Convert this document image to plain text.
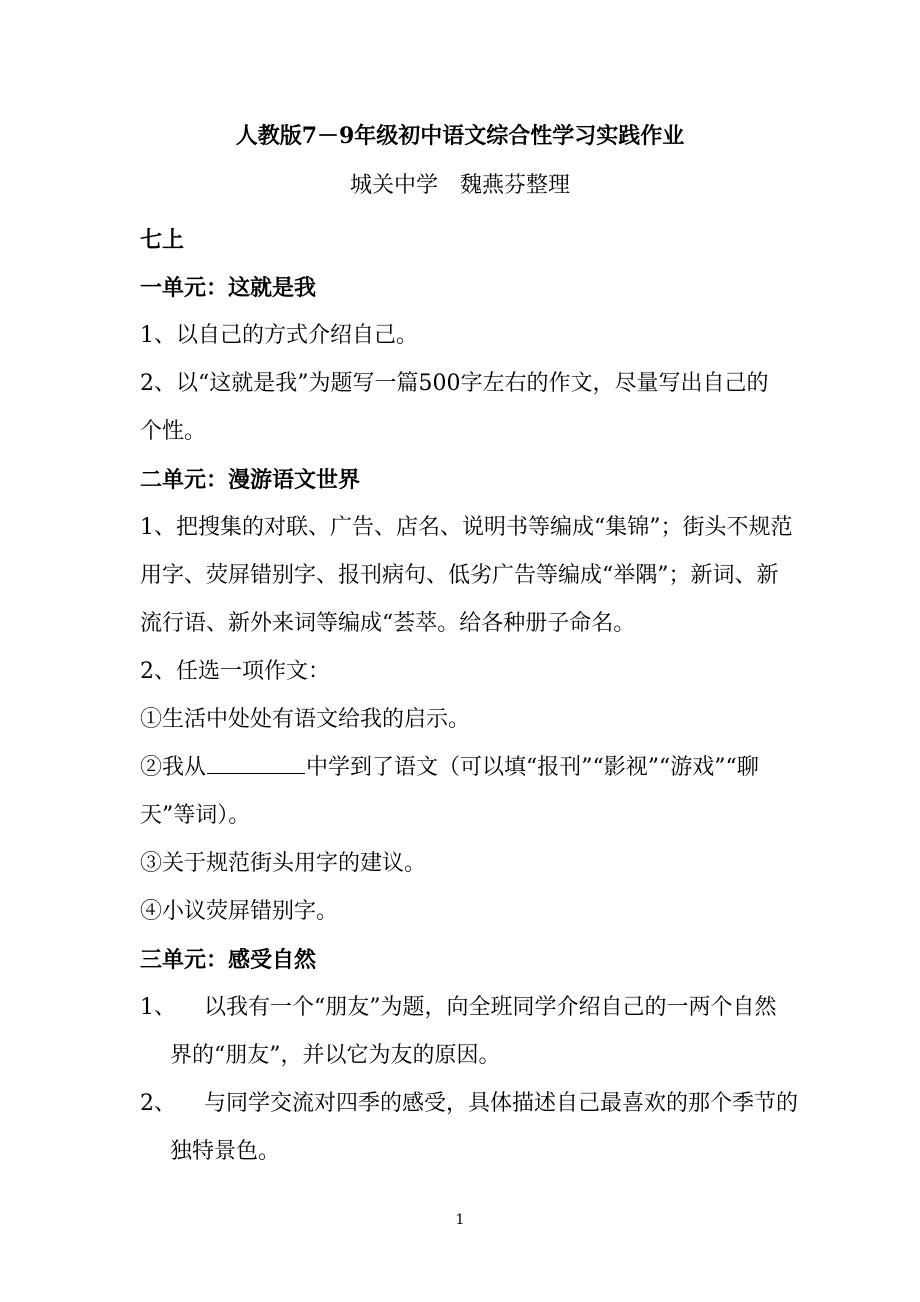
人教版7－9年级初中语文综合性学习实践作业
城关中学　魏燕芬整理
七上
一单元：这就是我
1、以自己的方式介绍自己。
2、以“这就是我”为题写一篇500字左右的作文，尽量写出自己的
个性。
二单元：漫游语文世界
1、把搜集的对联、广告、店名、说明书等编成“集锦”；街头不规范
用字、荧屏错别字、报刊病句、低劣广告等编成“举隅”；新词、新
流行语、新外来词等编成“荟萃。给各种册子命名。
2、任选一项作文：
①生活中处处有语文给我的启示。
②我从	中学到了语文（可以填“报刊”“影视”“游戏”“聊
天”等词）。
③关于规范街头用字的建议。
④小议荧屏错别字。
三单元：感受自然
1、 以我有一个“朋友”为题，向全班同学介绍自己的一两个自然
界的“朋友”，并以它为友的原因。
2、 与同学交流对四季的感受，具体描述自己最喜欢的那个季节的
独特景色。
1
